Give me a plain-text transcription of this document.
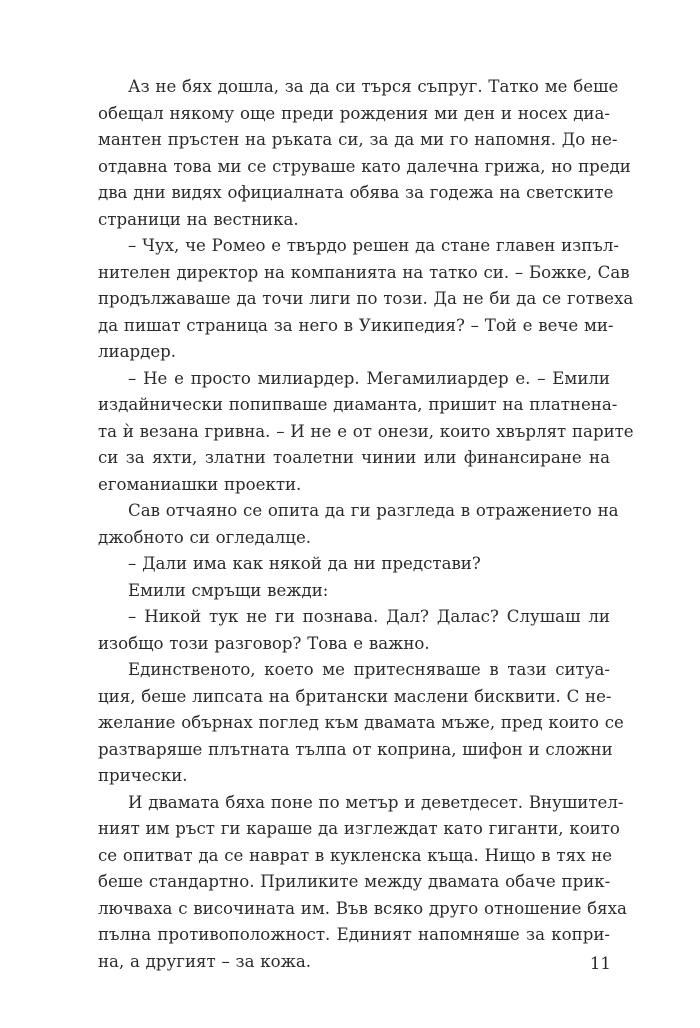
Аз не бях дошла, за да си търся съпруг. Татко ме беше
обещал някому още преди рождения ми ден и носех диа-
мантен пръстен на ръката си, за да ми го напомня. До не-
отдавна това ми се струваше като далечна грижа, но преди
два дни видях официалната обява за годежа на светските
страници на вестника.
– Чух, че Ромео е твърдо решен да стане главен изпъл-
нителен директор на компанията на татко си. – Божке, Сав
продължаваше да точи лиги по този. Да не би да се готвеха
да пишат страница за него в Уикипедия? – Той е вече ми-
лиардер.
– Не е просто милиардер. Мегамилиардер е. – Емили
издайнически попипваше диаманта, пришит на платнена-
та ѝ везана гривна. – И не е от онези, които хвърлят парите
си за яхти, златни тоалетни чинии или финансиране на
егоманиашки проекти.
Сав отчаяно се опита да ги разгледа в отражението на
джобното си огледалце.
– Дали има как някой да ни представи?
Емили смръщи вежди:
– Никой тук не ги познава. Дал? Далас? Слушаш ли
изобщо този разговор? Това е важно.
Единственото, което ме притесняваше в тази ситуа-
ция, беше липсата на британски маслени бисквити. С не-
желание обърнах поглед към двамата мъже, пред които се
разтваряше плътната тълпа от коприна, шифон и сложни
прически.
И двамата бяха поне по метър и деветдесет. Внушител-
ният им ръст ги караше да изглеждат като гиганти, които
се опитват да се наврат в кукленска къща. Нищо в тях не
беше стандартно. Приликите между двамата обаче прик-
лючваха с височината им. Във всяко друго отношение бяха
пълна противоположност. Единият напомняше за копри-
на, а другият – за кожа.	11
